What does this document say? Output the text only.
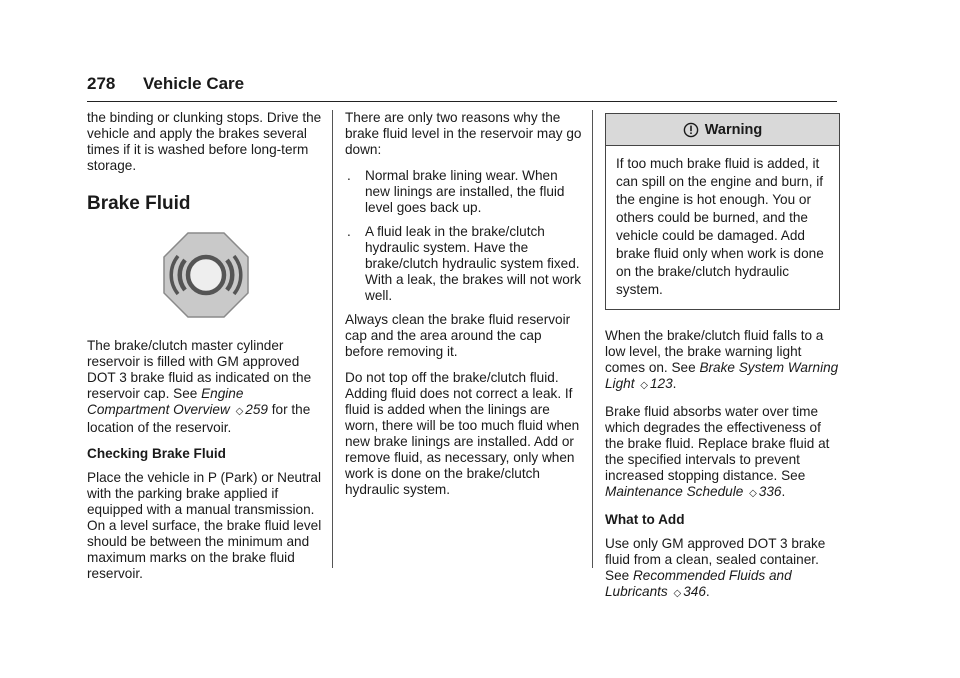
278 Vehicle Care

the binding or clunking stops. Drive the vehicle and apply the brakes several times if it is washed before long-term storage.

Brake Fluid

The brake/clutch master cylinder reservoir is filled with GM approved DOT 3 brake fluid as indicated on the reservoir cap. See Engine Compartment Overview ◇ 259 for the location of the reservoir.

Checking Brake Fluid

Place the vehicle in P (Park) or Neutral with the parking brake applied if equipped with a manual transmission. On a level surface, the brake fluid level should be between the minimum and maximum marks on the brake fluid reservoir.

There are only two reasons why the brake fluid level in the reservoir may go down:

. Normal brake lining wear. When new linings are installed, the fluid level goes back up.
. A fluid leak in the brake/clutch hydraulic system. Have the brake/clutch hydraulic system fixed. With a leak, the brakes will not work well.

Always clean the brake fluid reservoir cap and the area around the cap before removing it.

Do not top off the brake/clutch fluid. Adding fluid does not correct a leak. If fluid is added when the linings are worn, there will be too much fluid when new brake linings are installed. Add or remove fluid, as necessary, only when work is done on the brake/clutch hydraulic system.

Warning
If too much brake fluid is added, it can spill on the engine and burn, if the engine is hot enough. You or others could be burned, and the vehicle could be damaged. Add brake fluid only when work is done on the brake/clutch hydraulic system.

When the brake/clutch fluid falls to a low level, the brake warning light comes on. See Brake System Warning Light ◇ 123.

Brake fluid absorbs water over time which degrades the effectiveness of the brake fluid. Replace brake fluid at the specified intervals to prevent increased stopping distance. See Maintenance Schedule ◇ 336.

What to Add

Use only GM approved DOT 3 brake fluid from a clean, sealed container. See Recommended Fluids and Lubricants ◇ 346.
